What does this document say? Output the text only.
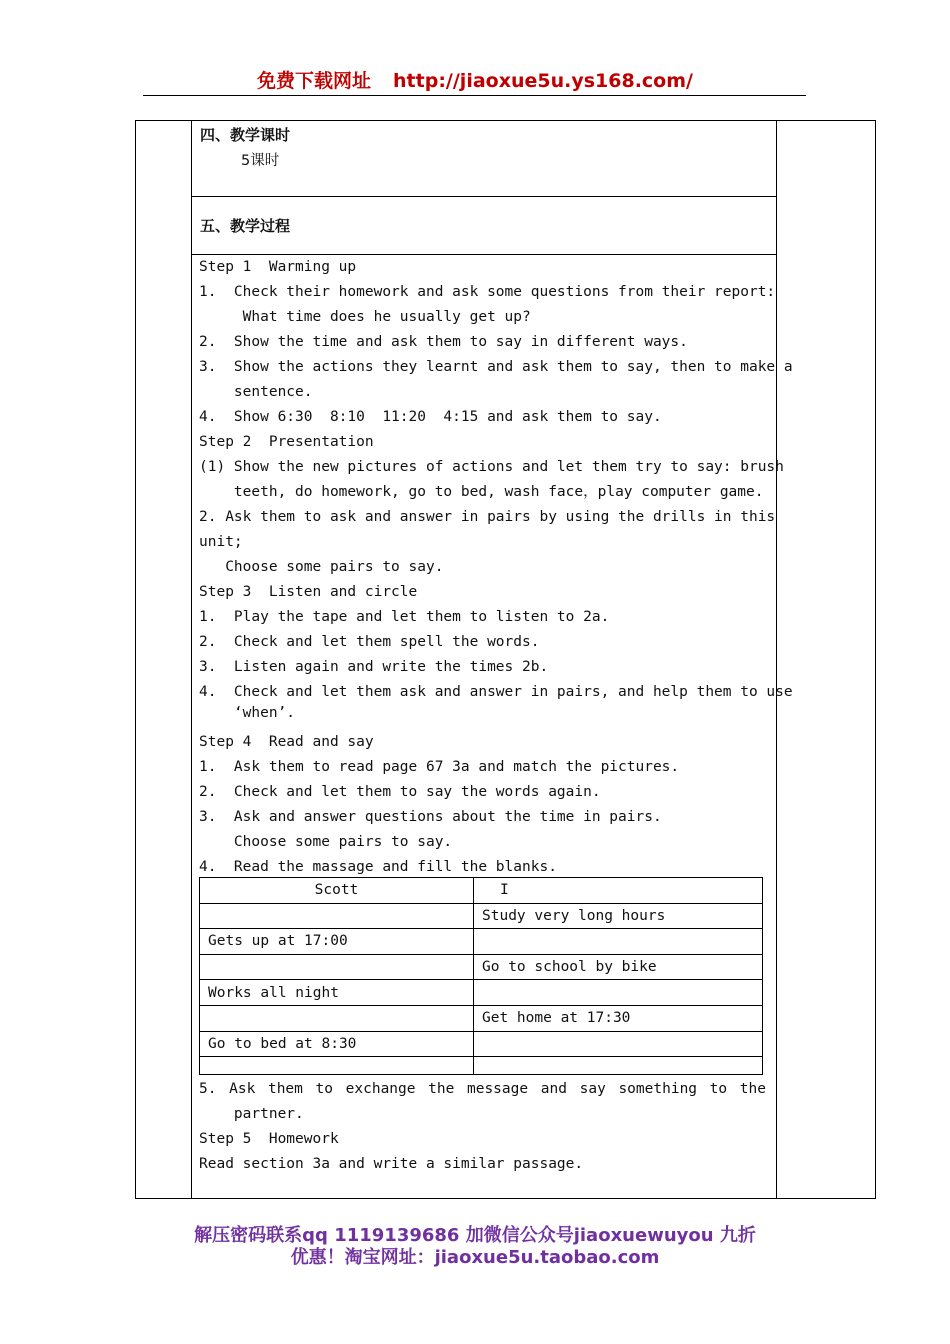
免费下载网址 http://jiaoxue5u.ys168.com/
四、教学课时
5课时
五、教学过程
Step 1  Warming up
1.  Check their homework and ask some questions from their report:
What time does he usually get up?
2.  Show the time and ask them to say in different ways.
3.  Show the actions they learnt and ask them to say, then to make a
sentence.
4.  Show 6:30  8:10  11:20  4:15 and ask them to say.
Step 2  Presentation
(1) Show the new pictures of actions and let them try to say: brush
teeth, do homework, go to bed, wash face，play computer game.
2. Ask them to ask and answer in pairs by using the drills in this
unit;
Choose some pairs to say.
Step 3  Listen and circle
1.  Play the tape and let them to listen to 2a.
2.  Check and let them spell the words.
3.  Listen again and write the times 2b.
4.  Check and let them ask and answer in pairs, and help them to use
‘when’.
Step 4  Read and say
1.  Ask them to read page 67 3a and match the pictures.
2.  Check and let them to say the words again.
3.  Ask and answer questions about the time in pairs.
Choose some pairs to say.
4.  Read the massage and fill the blanks.
Scott	I
	Study very long hours
Gets up at 17:00	
	Go to school by bike
Works all night	
	Get home at 17:30
Go to bed at 8:30	

5. Ask them to exchange the message and say something to the
partner.
Step 5  Homework
Read section 3a and write a similar passage.
解压密码联系qq 1119139686 加微信公众号jiaoxuewuyou 九折
优惠！淘宝网址：jiaoxue5u.taobao.com
